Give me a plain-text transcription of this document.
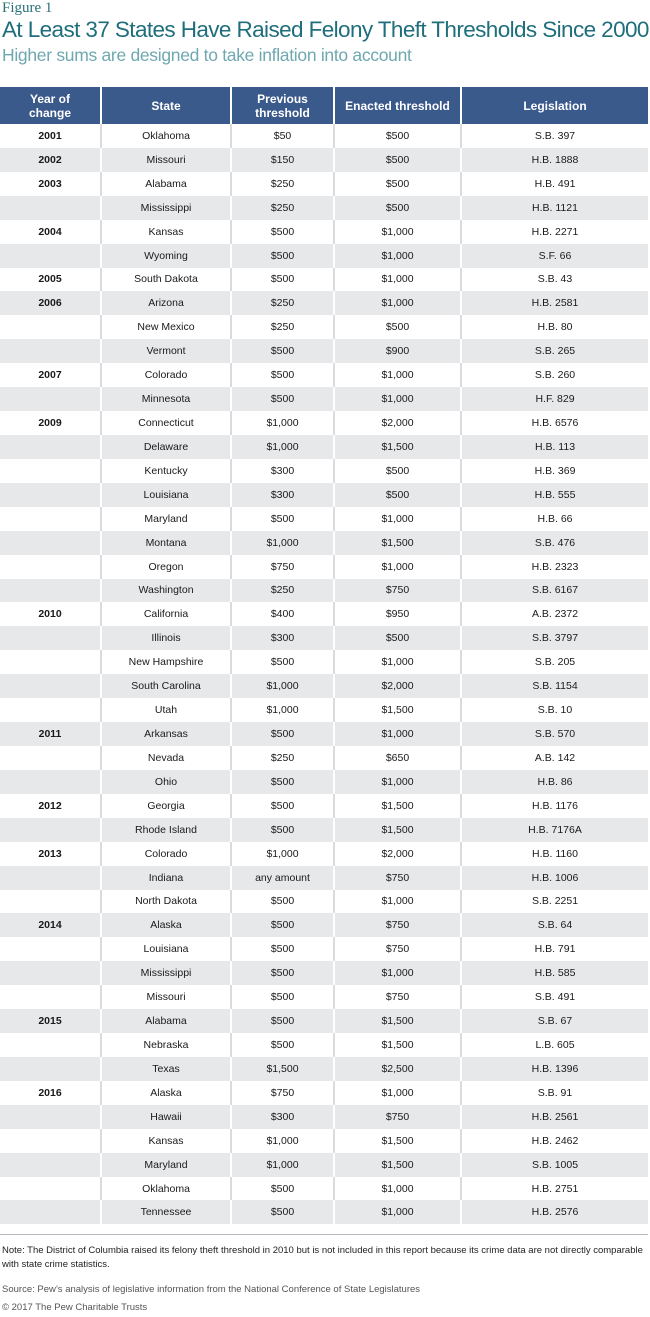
Figure 1
At Least 37 States Have Raised Felony Theft Thresholds Since 2000
Higher sums are designed to take inflation into account
Year of change	State	Previous threshold	Enacted threshold	Legislation
2001	Oklahoma	$50	$500	S.B. 397
2002	Missouri	$150	$500	H.B. 1888
2003	Alabama	$250	$500	H.B. 491
Mississippi	$250	$500	H.B. 1121
2004	Kansas	$500	$1,000	H.B. 2271
Wyoming	$500	$1,000	S.F. 66
2005	South Dakota	$500	$1,000	S.B. 43
2006	Arizona	$250	$1,000	H.B. 2581
New Mexico	$250	$500	H.B. 80
Vermont	$500	$900	S.B. 265
2007	Colorado	$500	$1,000	S.B. 260
Minnesota	$500	$1,000	H.F. 829
2009	Connecticut	$1,000	$2,000	H.B. 6576
Delaware	$1,000	$1,500	H.B. 113
Kentucky	$300	$500	H.B. 369
Louisiana	$300	$500	H.B. 555
Maryland	$500	$1,000	H.B. 66
Montana	$1,000	$1,500	S.B. 476
Oregon	$750	$1,000	H.B. 2323
Washington	$250	$750	S.B. 6167
2010	California	$400	$950	A.B. 2372
Illinois	$300	$500	S.B. 3797
New Hampshire	$500	$1,000	S.B. 205
South Carolina	$1,000	$2,000	S.B. 1154
Utah	$1,000	$1,500	S.B. 10
2011	Arkansas	$500	$1,000	S.B. 570
Nevada	$250	$650	A.B. 142
Ohio	$500	$1,000	H.B. 86
2012	Georgia	$500	$1,500	H.B. 1176
Rhode Island	$500	$1,500	H.B. 7176A
2013	Colorado	$1,000	$2,000	H.B. 1160
Indiana	any amount	$750	H.B. 1006
North Dakota	$500	$1,000	S.B. 2251
2014	Alaska	$500	$750	S.B. 64
Louisiana	$500	$750	H.B. 791
Mississippi	$500	$1,000	H.B. 585
Missouri	$500	$750	S.B. 491
2015	Alabama	$500	$1,500	S.B. 67
Nebraska	$500	$1,500	L.B. 605
Texas	$1,500	$2,500	H.B. 1396
2016	Alaska	$750	$1,000	S.B. 91
Hawaii	$300	$750	H.B. 2561
Kansas	$1,000	$1,500	H.B. 2462
Maryland	$1,000	$1,500	S.B. 1005
Oklahoma	$500	$1,000	H.B. 2751
Tennessee	$500	$1,000	H.B. 2576
Note: The District of Columbia raised its felony theft threshold in 2010 but is not included in this report because its crime data are not directly comparable with state crime statistics.
Source: Pew’s analysis of legislative information from the National Conference of State Legislatures
© 2017 The Pew Charitable Trusts
